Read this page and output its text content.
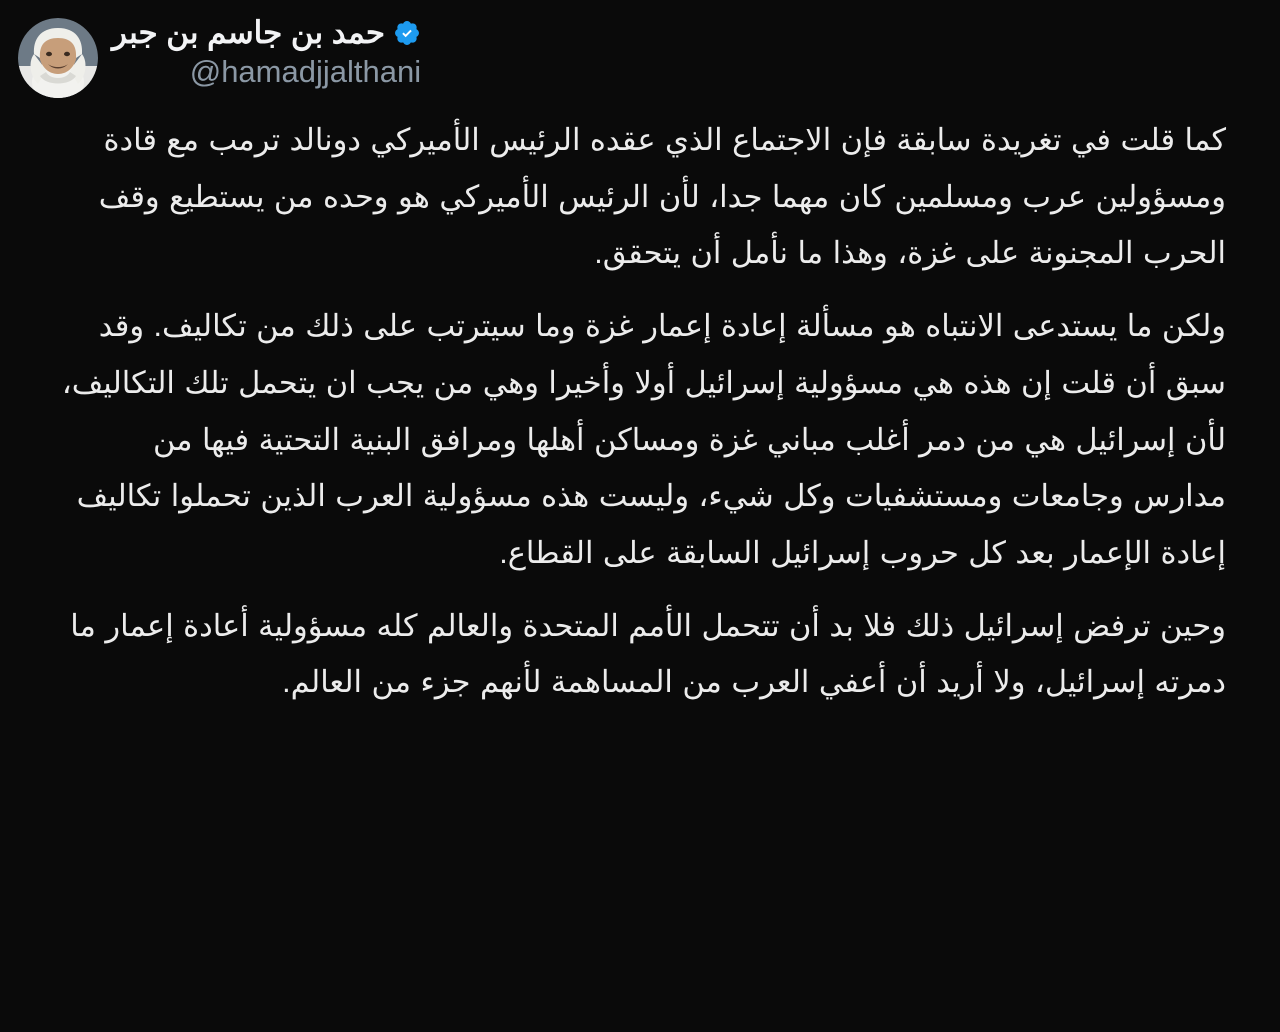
حمد بن جاسم بن جبر
@hamadjjalthani

كما قلت في تغريدة سابقة فإن الاجتماع الذي عقده الرئيس الأميركي دونالد ترمب مع قادة ومسؤولين عرب ومسلمين كان مهما جدا، لأن الرئيس الأميركي هو وحده من يستطيع وقف الحرب المجنونة على غزة، وهذا ما نأمل أن يتحقق.

ولكن ما يستدعى الانتباه هو مسألة إعادة إعمار غزة وما سيترتب على ذلك من تكاليف. وقد سبق أن قلت إن هذه هي مسؤولية إسرائيل أولا وأخيرا وهي من يجب ان يتحمل تلك التكاليف، لأن إسرائيل هي من دمر أغلب مباني غزة ومساكن أهلها ومرافق البنية التحتية فيها من مدارس وجامعات ومستشفيات وكل شيء، وليست هذه مسؤولية العرب الذين تحملوا تكاليف إعادة الإعمار بعد كل حروب إسرائيل السابقة على القطاع.

وحين ترفض إسرائيل ذلك فلا بد أن تتحمل الأمم المتحدة والعالم كله مسؤولية أعادة إعمار ما دمرته إسرائيل، ولا أريد أن أعفي العرب من المساهمة لأنهم جزء من العالم.
